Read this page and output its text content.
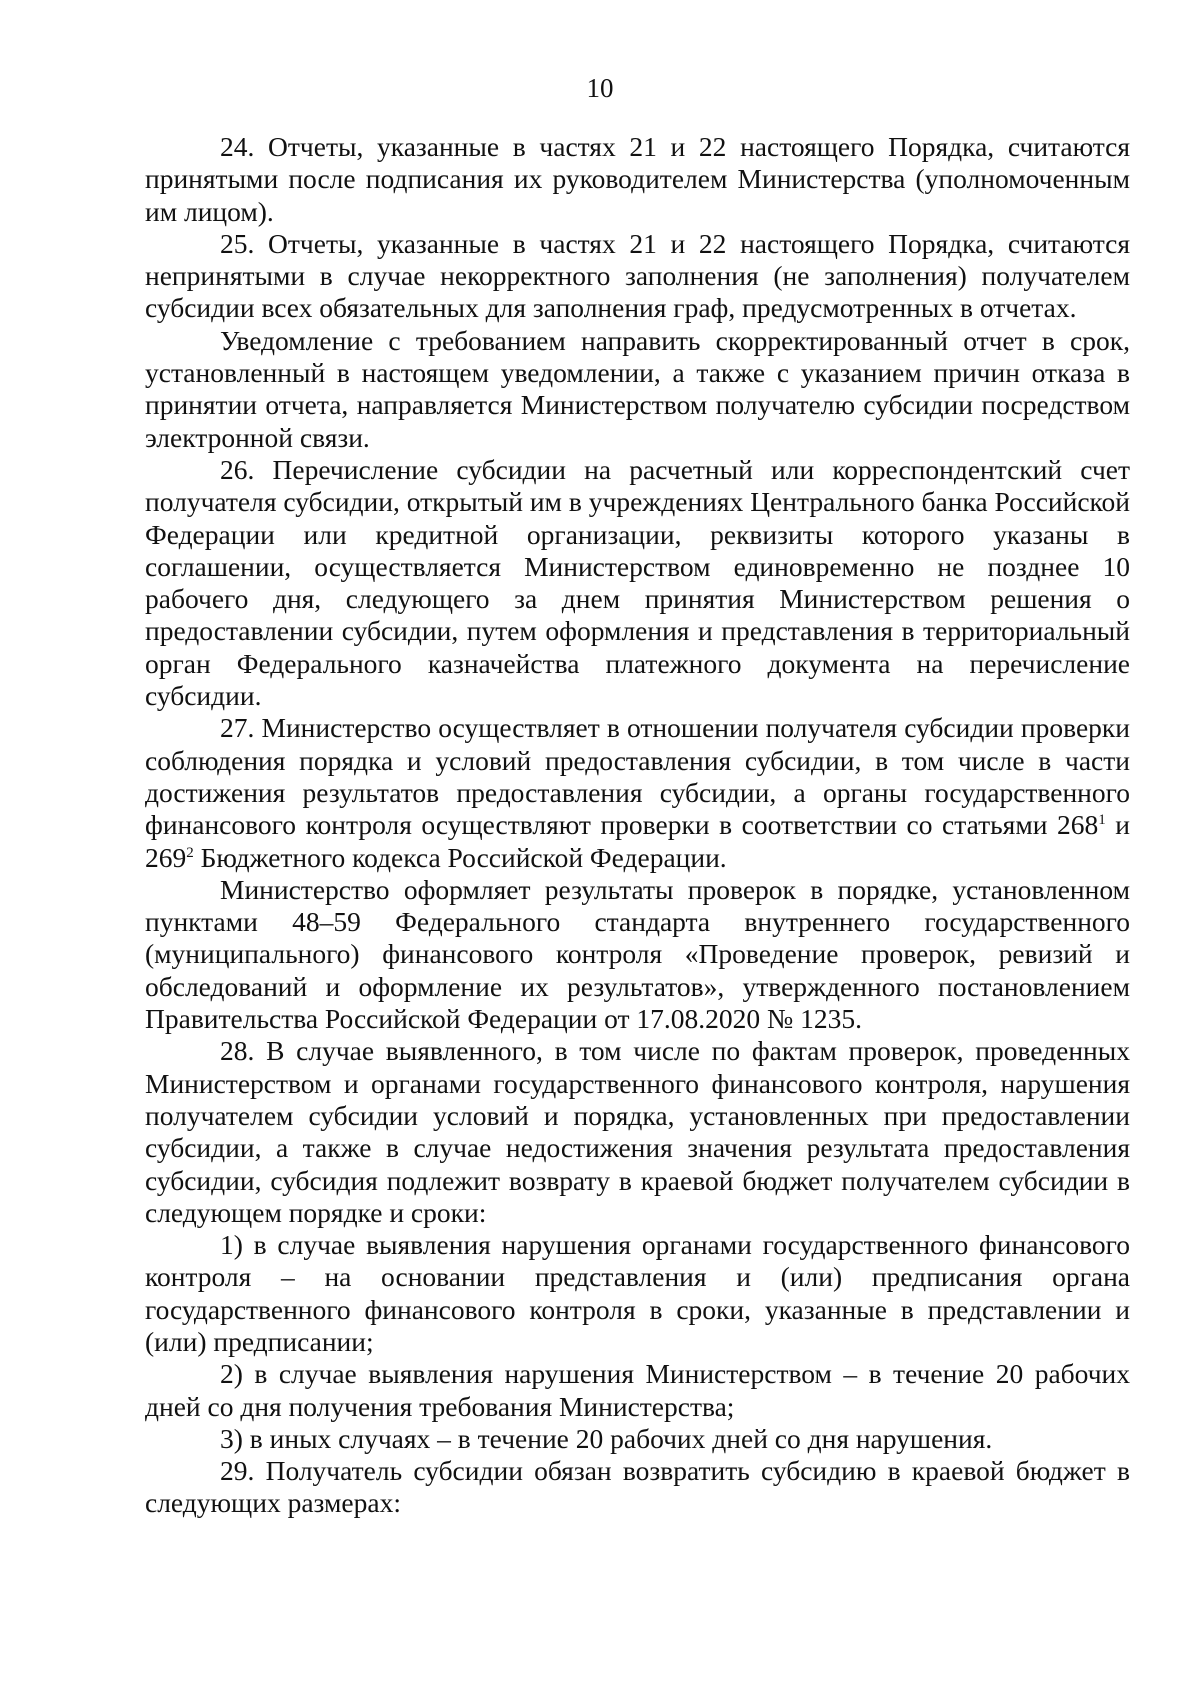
10

24. Отчеты, указанные в частях 21 и 22 настоящего Порядка, считаются принятыми после подписания их руководителем Министерства (уполномоченным им лицом).

25. Отчеты, указанные в частях 21 и 22 настоящего Порядка, считаются непринятыми в случае некорректного заполнения (не заполнения) получателем субсидии всех обязательных для заполнения граф, предусмотренных в отчетах.

Уведомление с требованием направить скорректированный отчет в срок, установленный в настоящем уведомлении, а также с указанием причин отказа в принятии отчета, направляется Министерством получателю субсидии посредством электронной связи.

26. Перечисление субсидии на расчетный или корреспондентский счет получателя субсидии, открытый им в учреждениях Центрального банка Российской Федерации или кредитной организации, реквизиты которого указаны в соглашении, осуществляется Министерством единовременно не позднее 10 рабочего дня, следующего за днем принятия Министерством решения о предоставлении субсидии, путем оформления и представления в территориальный орган Федерального казначейства платежного документа на перечисление субсидии.

27. Министерство осуществляет в отношении получателя субсидии проверки соблюдения порядка и условий предоставления субсидии, в том числе в части достижения результатов предоставления субсидии, а органы государственного финансового контроля осуществляют проверки в соответствии со статьями $268^1$ и $269^2$ Бюджетного кодекса Российской Федерации.

Министерство оформляет результаты проверок в порядке, установленном пунктами 48–59 Федерального стандарта внутреннего государственного (муниципального) финансового контроля «Проведение проверок, ревизий и обследований и оформление их результатов», утвержденного постановлением Правительства Российской Федерации от 17.08.2020 № 1235.

28. В случае выявленного, в том числе по фактам проверок, проведенных Министерством и органами государственного финансового контроля, нарушения получателем субсидии условий и порядка, установленных при предоставлении субсидии, а также в случае недостижения значения результата предоставления субсидии, субсидия подлежит возврату в краевой бюджет получателем субсидии в следующем порядке и сроки:

1) в случае выявления нарушения органами государственного финансового контроля – на основании представления и (или) предписания органа государственного финансового контроля в сроки, указанные в представлении и (или) предписании;

2) в случае выявления нарушения Министерством – в течение 20 рабочих дней со дня получения требования Министерства;

3) в иных случаях – в течение 20 рабочих дней со дня нарушения.

29. Получатель субсидии обязан возвратить субсидию в краевой бюджет в следующих размерах:
